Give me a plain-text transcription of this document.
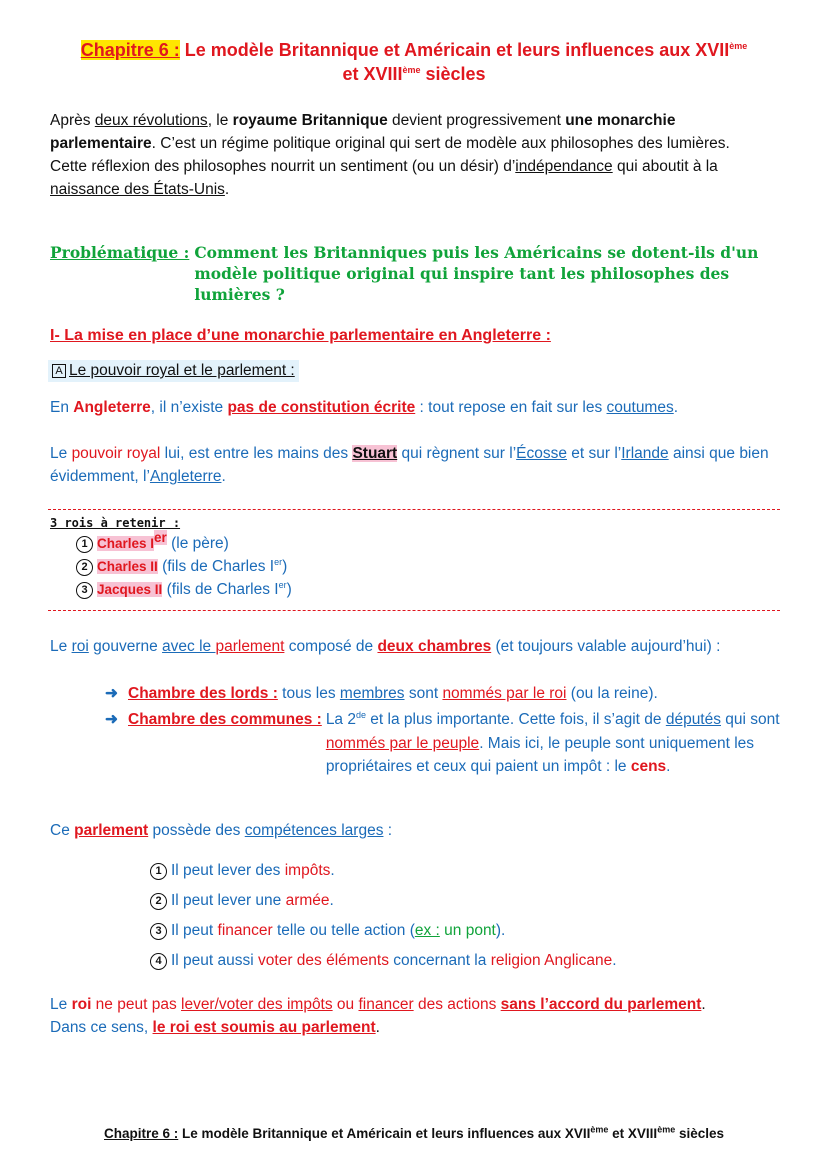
Chapitre 6 : Le modèle Britannique et Américain et leurs influences aux XVIIème
et XVIIIème siècles
Après deux révolutions, le royaume Britannique devient progressivement une monarchie parlementaire. C’est un régime politique original qui sert de modèle aux philosophes des lumières.
Cette réflexion des philosophes nourrit un sentiment (ou un désir) d’indépendance qui aboutit à la naissance des États-Unis.
Problématique : Comment les Britanniques puis les Américains se dotent-ils d'un modèle politique original qui inspire tant les philosophes des lumières ?
I- La mise en place d’une monarchie parlementaire en Angleterre :
A Le pouvoir royal et le parlement :
En Angleterre, il n’existe pas de constitution écrite : tout repose en fait sur les coutumes.
Le pouvoir royal lui, est entre les mains des Stuart qui règnent sur l’Écosse et sur l’Irlande ainsi que bien évidemment, l’Angleterre.
3 rois à retenir :
1 Charles Ier (le père)
2 Charles II (fils de Charles Ier)
3 Jacques II (fils de Charles Ier)
Le roi gouverne avec le parlement composé de deux chambres (et toujours valable aujourd’hui) :
➜ Chambre des lords : tous les membres sont nommés par le roi (ou la reine).
➜ Chambre des communes : La 2de et la plus importante. Cette fois, il s’agit de députés qui sont nommés par le peuple. Mais ici, le peuple sont uniquement les propriétaires et ceux qui paient un impôt : le cens.
Ce parlement possède des compétences larges :
1 Il peut lever des impôts.
2 Il peut lever une armée.
3 Il peut financer telle ou telle action (ex : un pont).
4 Il peut aussi voter des éléments concernant la religion Anglicane.
Le roi ne peut pas lever/voter des impôts ou financer des actions sans l’accord du parlement.
Dans ce sens, le roi est soumis au parlement.
Chapitre 6 : Le modèle Britannique et Américain et leurs influences aux XVIIème et XVIIIème siècles
